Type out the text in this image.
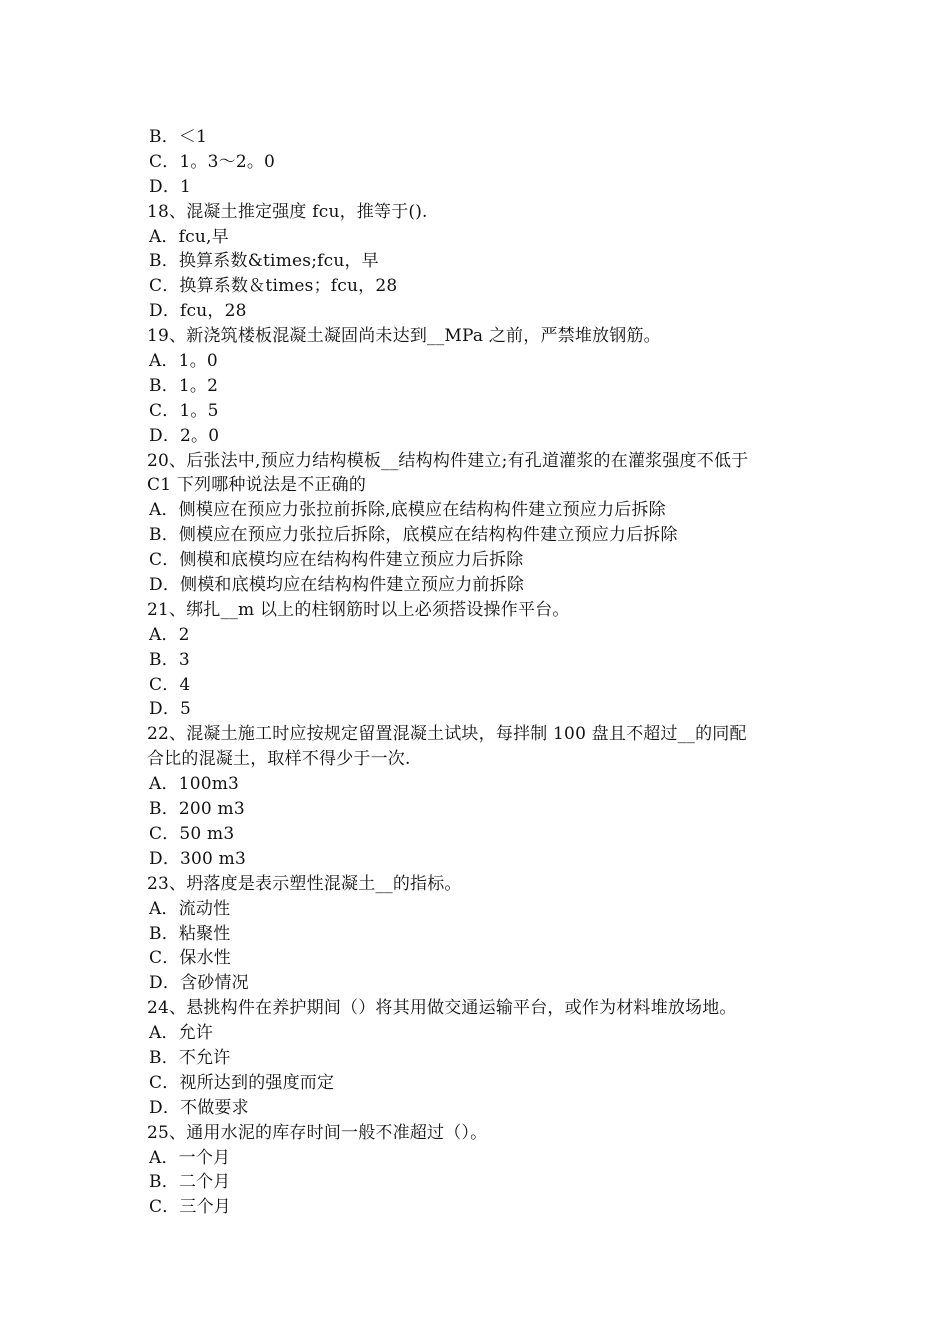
B．＜1
C．1。3～2。0
D．1
18、混凝土推定强度 fcu，推等于().
A．fcu,早
B．换算系数&times;fcu，早
C．换算系数＆times；fcu，28
D．fcu，28
19、新浇筑楼板混凝土凝固尚未达到__MPa 之前，严禁堆放钢筋。
A．1。0
B．1。2
C．1。5
D．2。0
20、后张法中,预应力结构模板__结构构件建立;有孔道灌浆的在灌浆强度不低于
C1 下列哪种说法是不正确的
A．侧模应在预应力张拉前拆除,底模应在结构构件建立预应力后拆除
B．侧模应在预应力张拉后拆除，底模应在结构构件建立预应力后拆除
C．侧模和底模均应在结构构件建立预应力后拆除
D．侧模和底模均应在结构构件建立预应力前拆除
21、绑扎__m 以上的柱钢筋时以上必须搭设操作平台。
A．2
B．3
C．4
D．5
22、混凝土施工时应按规定留置混凝土试块，每拌制 100 盘且不超过__的同配
合比的混凝土，取样不得少于一次.
A．100m3
B．200 m3
C．50 m3
D．300 m3
23、坍落度是表示塑性混凝土__的指标。
A．流动性
B．粘聚性
C．保水性
D．含砂情况
24、悬挑构件在养护期间（）将其用做交通运输平台，或作为材料堆放场地。
A．允许
B．不允许
C．视所达到的强度而定
D．不做要求
25、通用水泥的库存时间一般不准超过（）。
A．一个月
B．二个月
C．三个月
